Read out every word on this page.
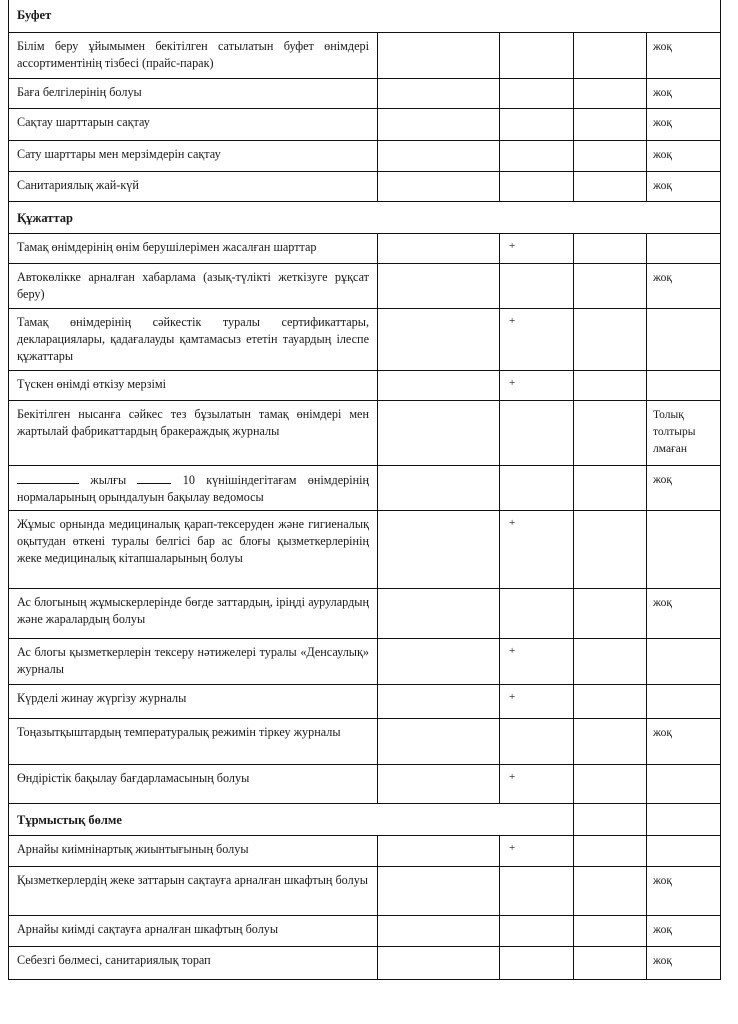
Буфет				
Білім беру ұйымымен бекітілген сатылатын буфет өнімдері ассортиментінің тізбесі (прайс-парак)				жоқ
Баға белгілерінің болуы				жоқ
Сақтау шарттарын сақтау				жоқ
Сату шарттары мен мерзімдерін сақтау				жоқ
Санитариялық жай-күй				жоқ
Құжаттар				
Тамақ өнімдерінің өнім берушілерімен жасалған шарттар		+		
Автокөлікке арналған хабарлама (азық-түлікті жеткізуге рұқсат беру)				жоқ
Тамақ өнімдерінің сәйкестік туралы сертификаттары, декларациялары, қадағалауды қамтамасыз ететін тауардың ілеспе құжаттары		+		
Түскен өнімді өткізу мерзімі		+		
Бекітілген нысанға сәйкес тез бұзылатын тамақ өнімдері мен жартылай фабрикаттардың бракераждық журналы				Толық толтыры лмаған
жылғы 10 күнішіндегітағам өнімдерінің нормаларының орындалуын бақылау ведомосы				жоқ
Жұмыс орнында медициналық қарап-тексеруден және гигиеналық оқытудан өткені туралы белгісі бар ас блоғы қызметкерлерінің жеке медициналық кітапшаларының болуы		+		
Ас блогының жұмыскерлерінде бөгде заттардың, іріңді аурулардың және жаралардың болуы				жоқ
Ас блогы қызметкерлерін тексеру нәтижелері туралы «Денсаулық» журналы		+		
Күрделі жинау жүргізу журналы		+		
Тоңазытқыштардың температуралық режимін тіркеу журналы				жоқ
Өндірістік бақылау бағдарламасының болуы		+		
Тұрмыстық бөлме				
Арнайы киімнінартық жиынтығының болуы		+		
Қызметкерлердің жеке заттарын сақтауға арналған шкафтың болуы				жоқ
Арнайы киімді сақтауға арналған шкафтың болуы				жоқ
Себезгі бөлмесі, санитариялық торап				жоқ
